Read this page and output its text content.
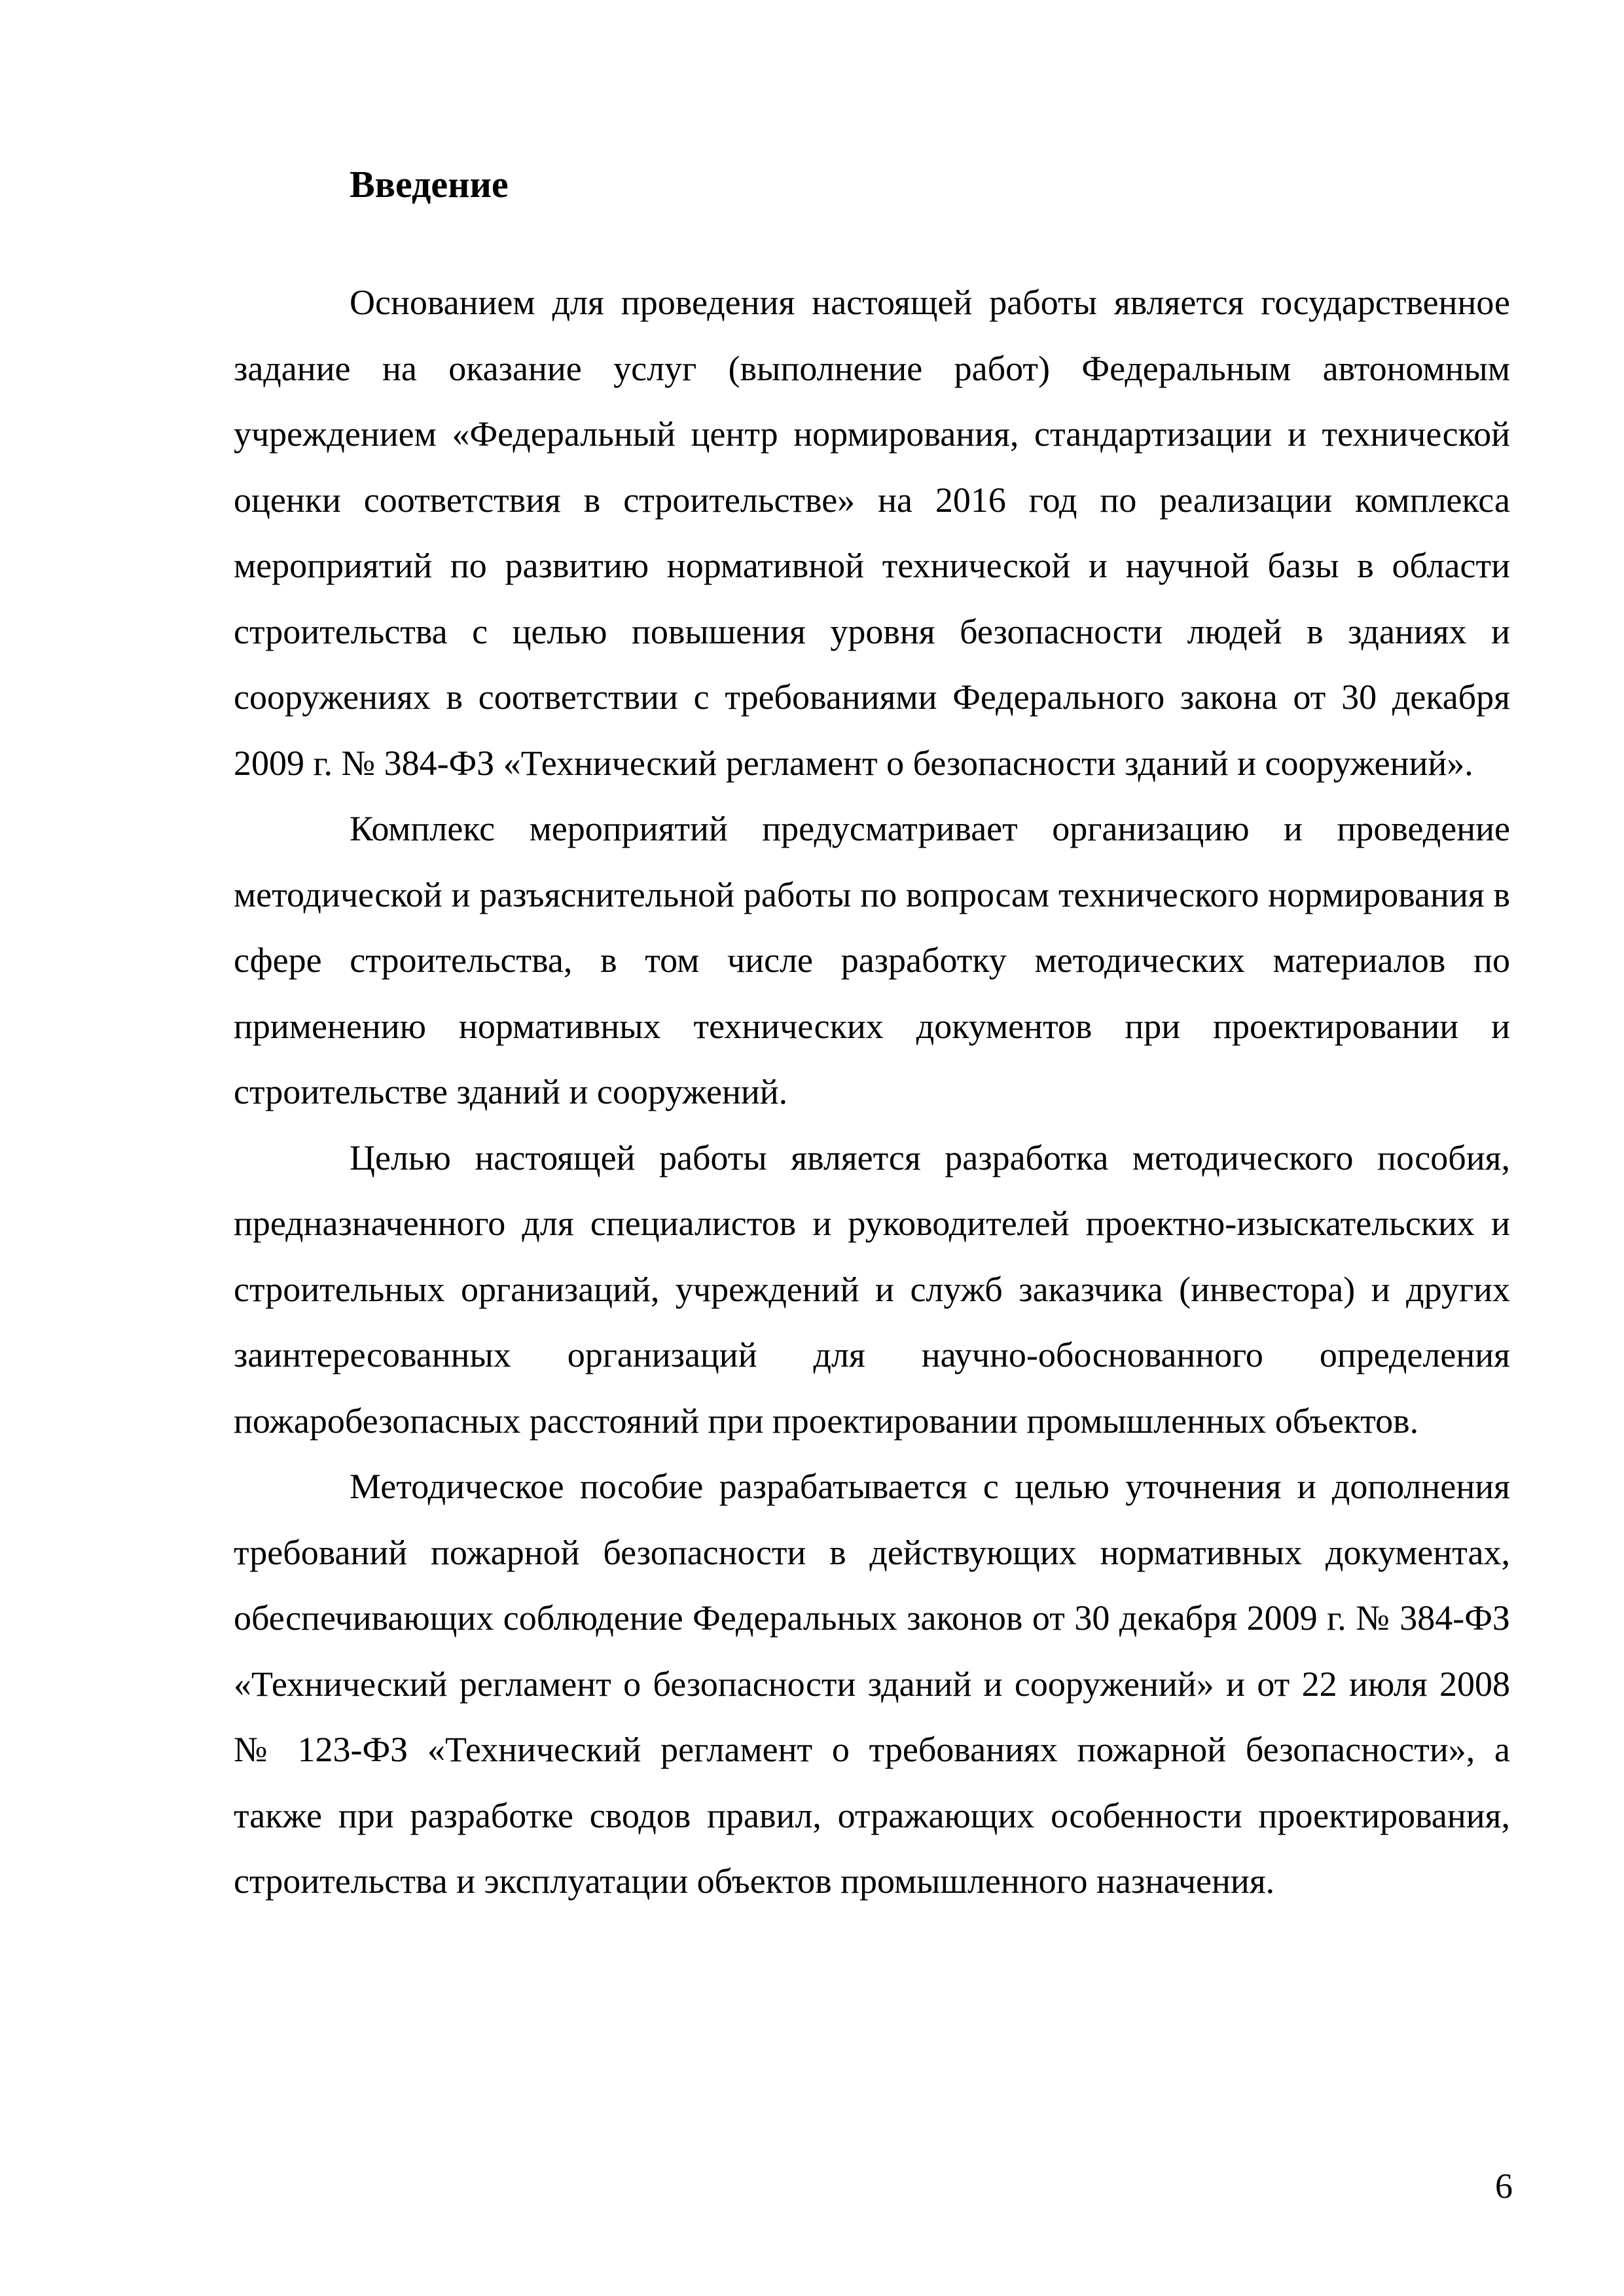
Введение

Основанием для проведения настоящей работы является государственное задание на оказание услуг (выполнение работ) Федеральным автономным учреждением «Федеральный центр нормирования, стандартизации и технической оценки соответствия в строительстве» на 2016 год по реализации комплекса мероприятий по развитию нормативной технической и научной базы в области строительства с целью повышения уровня безопасности людей в зданиях и сооружениях в соответствии с требованиями Федерального закона от 30 декабря 2009 г. № 384-ФЗ «Технический регламент о безопасности зданий и сооружений».

Комплекс мероприятий предусматривает организацию и проведение методической и разъяснительной работы по вопросам технического нормирования в сфере строительства, в том числе разработку методических материалов по применению нормативных технических документов при проектировании и строительстве зданий и сооружений.

Целью настоящей работы является разработка методического пособия, предназначенного для специалистов и руководителей проектно-изыскательских и строительных организаций, учреждений и служб заказчика (инвестора) и других заинтересованных организаций для научно-обоснованного определения пожаробезопасных расстояний при проектировании промышленных объектов.

Методическое пособие разрабатывается с целью уточнения и дополнения требований пожарной безопасности в действующих нормативных документах, обеспечивающих соблюдение Федеральных законов от 30 декабря 2009 г. № 384-ФЗ «Технический регламент о безопасности зданий и сооружений» и от 22 июля 2008 № 123-ФЗ «Технический регламент о требованиях пожарной безопасности», а также при разработке сводов правил, отражающих особенности проектирования, строительства и эксплуатации объектов промышленного назначения.

6
